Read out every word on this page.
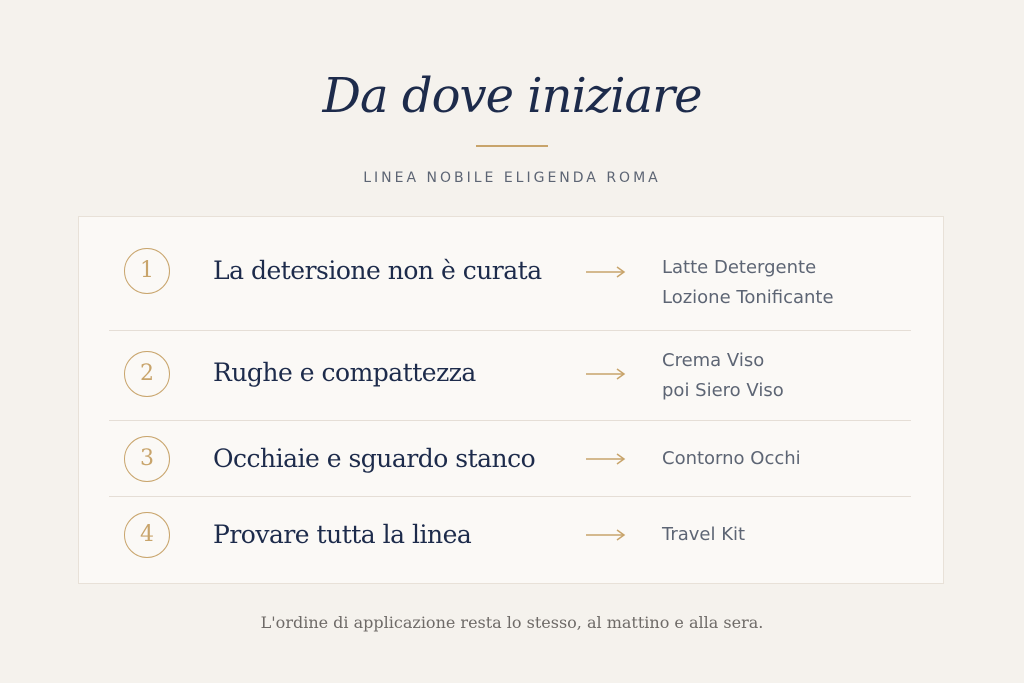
Da dove iniziare
LINEA NOBILE ELIGENDA ROMA
1	La detersione non è curata	Latte Detergente
Lozione Tonificante
2	Rughe e compattezza	Crema Viso
poi Siero Viso
3	Occhiaie e sguardo stanco	Contorno Occhi
4	Provare tutta la linea	Travel Kit
L'ordine di applicazione resta lo stesso, al mattino e alla sera.
